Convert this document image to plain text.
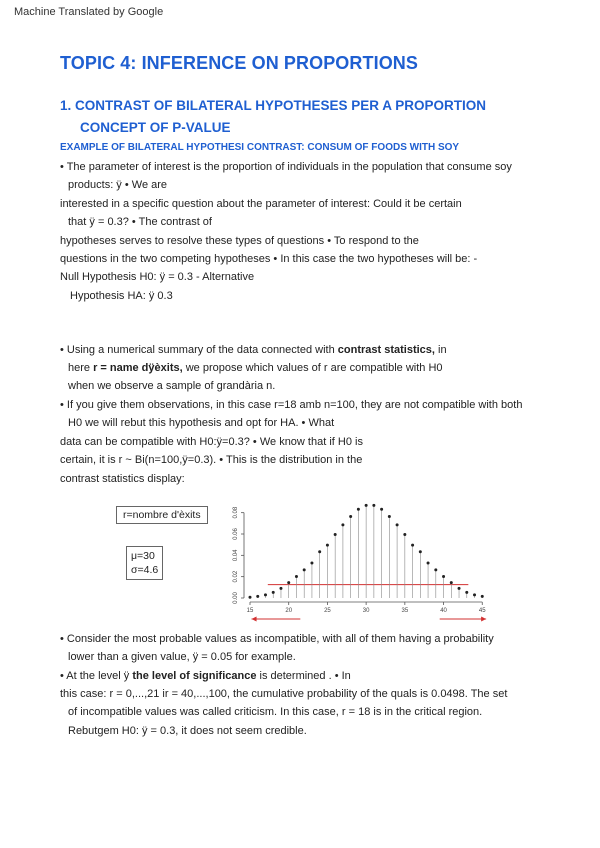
Machine Translated by Google
TOPIC 4: INFERENCE ON PROPORTIONS
1. CONTRAST OF BILATERAL HYPOTHESES PER A PROPORTION
CONCEPT OF P-VALUE
EXAMPLE OF BILATERAL HYPOTHESI CONTRAST: CONSUM OF FOODS WITH SOY
• The parameter of interest is the proportion of individuals in the population that consume soy
products: ÿ • We are
interested in a specific question about the parameter of interest: Could it be certain
that ÿ = 0.3? • The contrast of
hypotheses serves to resolve these types of questions • To respond to the
questions in the two competing hypotheses • In this case the two hypotheses will be: -
Null Hypothesis H0: ÿ = 0.3 - Alternative
Hypothesis HA: ÿ 0.3
• Using a numerical summary of the data connected with contrast statistics, in
here r = name dÿèxits, we propose which values of r are compatible with H0
when we observe a sample of grandària n.
• If you give them observations, in this case r=18 amb n=100, they are not compatible with both
H0 we will rebut this hypothesis and opt for HA. • What
data can be compatible with H0:ÿ=0.3? • We know that if H0 is
certain, it is r ~ Bi(n=100,ÿ=0.3). • This is the distribution in the
contrast statistics display:
r=nombre d'èxits
μ=30
σ=4.6
0.00
0.02
0.04
0.06
0.08
15	20	25	30	35	40	45
• Consider the most probable values as incompatible, with all of them having a probability
lower than a given value, ÿ = 0.05 for example.
• At the level ÿ the level of significance is determined . • In
this case: r = 0,...,21 ir = 40,...,100, the cumulative probability of the quals is 0.0498. The set
of incompatible values was called criticism. In this case, r = 18 is in the critical region.
Rebutgem H0: ÿ = 0.3, it does not seem credible.
